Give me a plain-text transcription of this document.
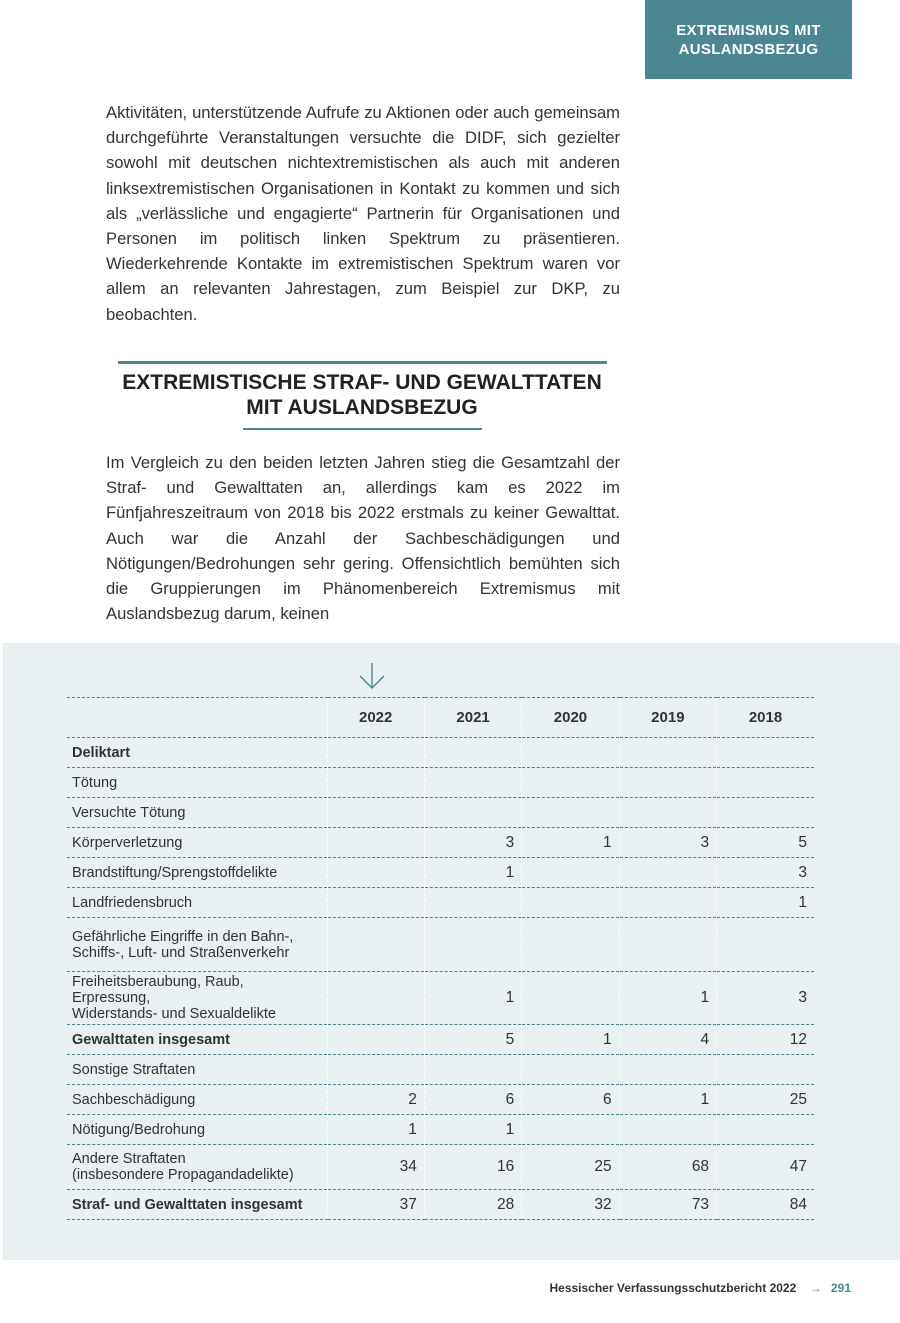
EXTREMISMUS MIT
AUSLANDSBEZUG

Aktivitäten, unterstützende Aufrufe zu Aktionen oder auch gemeinsam durchgeführte Veranstaltungen versuchte die DIDF, sich gezielter sowohl mit deutschen nichtextremistischen als auch mit anderen linksextremistischen Organisationen in Kontakt zu kommen und sich als „verlässliche und engagierte“ Partnerin für Organisationen und Personen im politisch linken Spektrum zu präsentieren. Wiederkehrende Kontakte im extremistischen Spektrum waren vor allem an relevanten Jahrestagen, zum Beispiel zur DKP, zu beobachten.

EXTREMISTISCHE STRAF- UND GEWALTTATEN
MIT AUSLANDSBEZUG

Im Vergleich zu den beiden letzten Jahren stieg die Gesamtzahl der Straf- und Gewalttaten an, allerdings kam es 2022 im Fünfjahreszeitraum von 2018 bis 2022 erstmals zu keiner Gewalttat. Auch war die Anzahl der Sachbeschädigungen und Nötigungen/Bedrohungen sehr gering. Offensichtlich bemühten sich die Gruppierungen im Phänomenbereich Extremismus mit Auslandsbezug darum, keinen

	2022	2021	2020	2019	2018

Deliktart					

Tötung					

Versuchte Tötung					

Körperverletzung		3	1	3	5

Brandstiftung/Sprengstoffdelikte		1			3

Landfriedensbruch					1

Gefährliche Eingriffe in den Bahn-,
Schiffs-, Luft- und Straßenverkehr					

Freiheitsberaubung, Raub, Erpressung,
Widerstands- und Sexualdelikte		1		1	3

Gewalttaten insgesamt		5	1	4	12

Sonstige Straftaten					

Sachbeschädigung	2	6	6	1	25

Nötigung/Bedrohung	1	1			

Andere Straftaten
(insbesondere Propagandadelikte)	34	16	25	68	47

Straf- und Gewalttaten insgesamt	37	28	32	73	84
Hessischer Verfassungsschutzbericht 2022 → 291
